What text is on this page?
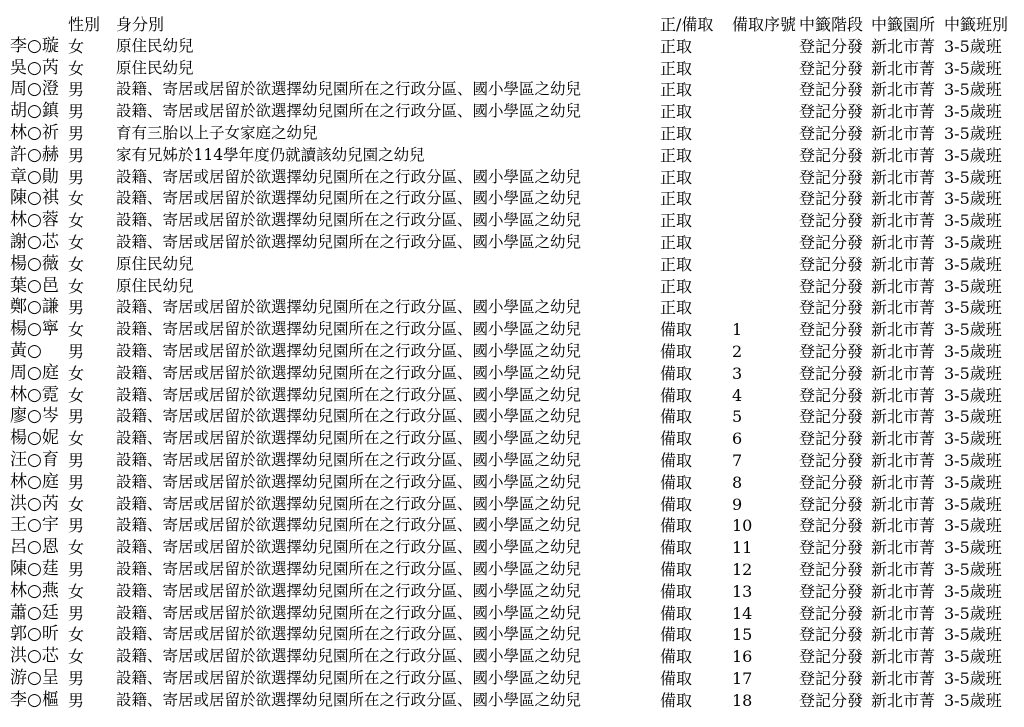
性別 身分別	正/備取 備取序號 中籤階段 中籤園所 中籤班別
李○璇 女 原住民幼兒	正取	登記分發 新北市菁 3-5歲班
吳○芮 女 原住民幼兒	正取	登記分發 新北市菁 3-5歲班
周○澄 男 設籍、寄居或居留於欲選擇幼兒園所在之行政分區、國小學區之幼兒	正取	登記分發 新北市菁 3-5歲班
胡○鎮 男 設籍、寄居或居留於欲選擇幼兒園所在之行政分區、國小學區之幼兒	正取	登記分發 新北市菁 3-5歲班
林○祈 男 育有三胎以上子女家庭之幼兒	正取	登記分發 新北市菁 3-5歲班
許○赫 男 家有兄姊於114學年度仍就讀該幼兒園之幼兒	正取	登記分發 新北市菁 3-5歲班
章○勛 男 設籍、寄居或居留於欲選擇幼兒園所在之行政分區、國小學區之幼兒	正取	登記分發 新北市菁 3-5歲班
陳○祺 女 設籍、寄居或居留於欲選擇幼兒園所在之行政分區、國小學區之幼兒	正取	登記分發 新北市菁 3-5歲班
林○蓉 女 設籍、寄居或居留於欲選擇幼兒園所在之行政分區、國小學區之幼兒	正取	登記分發 新北市菁 3-5歲班
謝○芯 女 設籍、寄居或居留於欲選擇幼兒園所在之行政分區、國小學區之幼兒	正取	登記分發 新北市菁 3-5歲班
楊○薇 女 原住民幼兒	正取	登記分發 新北市菁 3-5歲班
葉○邑 女 原住民幼兒	正取	登記分發 新北市菁 3-5歲班
鄭○謙 男 設籍、寄居或居留於欲選擇幼兒園所在之行政分區、國小學區之幼兒	正取	登記分發 新北市菁 3-5歲班
楊○寧 女 設籍、寄居或居留於欲選擇幼兒園所在之行政分區、國小學區之幼兒	備取 1	登記分發 新北市菁 3-5歲班
黃○ 男 設籍、寄居或居留於欲選擇幼兒園所在之行政分區、國小學區之幼兒	備取 2	登記分發 新北市菁 3-5歲班
周○庭 女 設籍、寄居或居留於欲選擇幼兒園所在之行政分區、國小學區之幼兒	備取 3	登記分發 新北市菁 3-5歲班
林○霓 女 設籍、寄居或居留於欲選擇幼兒園所在之行政分區、國小學區之幼兒	備取 4	登記分發 新北市菁 3-5歲班
廖○岑 男 設籍、寄居或居留於欲選擇幼兒園所在之行政分區、國小學區之幼兒	備取 5	登記分發 新北市菁 3-5歲班
楊○妮 女 設籍、寄居或居留於欲選擇幼兒園所在之行政分區、國小學區之幼兒	備取 6	登記分發 新北市菁 3-5歲班
汪○育 男 設籍、寄居或居留於欲選擇幼兒園所在之行政分區、國小學區之幼兒	備取 7	登記分發 新北市菁 3-5歲班
林○庭 男 設籍、寄居或居留於欲選擇幼兒園所在之行政分區、國小學區之幼兒	備取 8	登記分發 新北市菁 3-5歲班
洪○芮 女 設籍、寄居或居留於欲選擇幼兒園所在之行政分區、國小學區之幼兒	備取 9	登記分發 新北市菁 3-5歲班
王○宇 男 設籍、寄居或居留於欲選擇幼兒園所在之行政分區、國小學區之幼兒	備取 10	登記分發 新北市菁 3-5歲班
呂○恩 女 設籍、寄居或居留於欲選擇幼兒園所在之行政分區、國小學區之幼兒	備取 11	登記分發 新北市菁 3-5歲班
陳○莛 男 設籍、寄居或居留於欲選擇幼兒園所在之行政分區、國小學區之幼兒	備取 12	登記分發 新北市菁 3-5歲班
林○燕 女 設籍、寄居或居留於欲選擇幼兒園所在之行政分區、國小學區之幼兒	備取 13	登記分發 新北市菁 3-5歲班
蕭○廷 男 設籍、寄居或居留於欲選擇幼兒園所在之行政分區、國小學區之幼兒	備取 14	登記分發 新北市菁 3-5歲班
郭○昕 女 設籍、寄居或居留於欲選擇幼兒園所在之行政分區、國小學區之幼兒	備取 15	登記分發 新北市菁 3-5歲班
洪○芯 女 設籍、寄居或居留於欲選擇幼兒園所在之行政分區、國小學區之幼兒	備取 16	登記分發 新北市菁 3-5歲班
游○呈 男 設籍、寄居或居留於欲選擇幼兒園所在之行政分區、國小學區之幼兒	備取 17	登記分發 新北市菁 3-5歲班
李○樞 男 設籍、寄居或居留於欲選擇幼兒園所在之行政分區、國小學區之幼兒	備取 18	登記分發 新北市菁 3-5歲班
